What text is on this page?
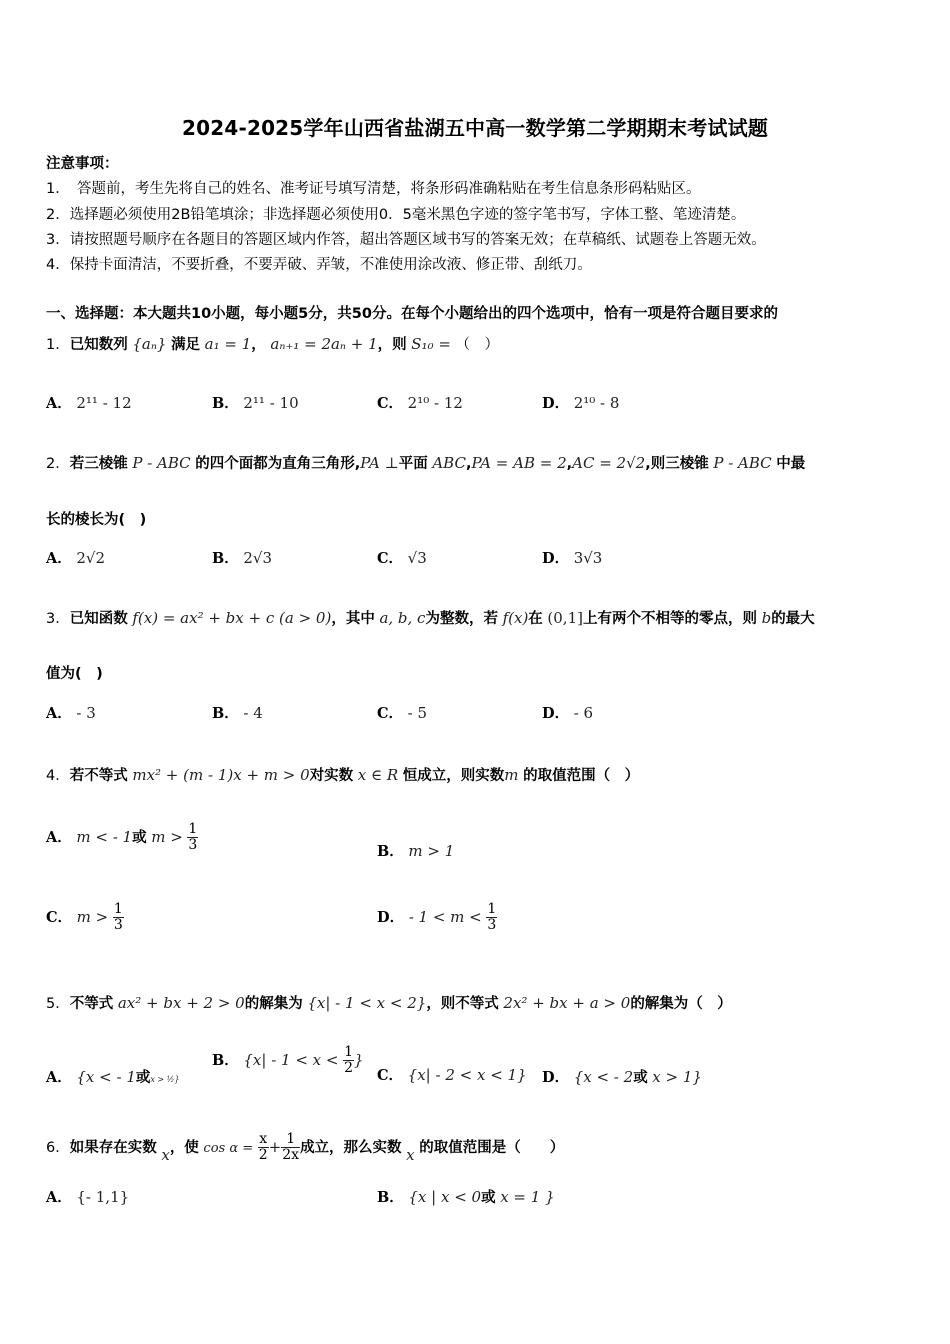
2024-2025学年山西省盐湖五中高一数学第二学期期末考试试题
注意事项：
1．　答题前，考生先将自己的姓名、准考证号填写清楚，将条形码准确粘贴在考生信息条形码粘贴区。
2．选择题必须使用2B铅笔填涂；非选择题必须使用0．5毫米黑色字迹的签字笔书写，字体工整、笔迹清楚。
3．请按照题号顺序在各题目的答题区域内作答，超出答题区域书写的答案无效；在草稿纸、试题卷上答题无效。
4．保持卡面清洁，不要折叠，不要弄破、弄皱，不准使用涂改液、修正带、刮纸刀。
一、选择题：本大题共10小题，每小题5分，共50分。在每个小题给出的四个选项中，恰有一项是符合题目要求的
1．已知数列 {aₙ} 满足 a₁ = 1， aₙ₊₁ = 2aₙ + 1，则 S₁₀ = （　）
A． 2¹¹ - 12	B． 2¹¹ - 10	C． 2¹⁰ - 12	D． 2¹⁰ - 8
2．若三棱锥 P - ABC 的四个面都为直角三角形,PA ⊥平面 ABC,PA = AB = 2,AC = 2√2,则三棱锥 P - ABC 中最
长的棱长为(　)
A． 2√2	B． 2√3	C． √3	D． 3√3
3．已知函数 f(x) = ax² + bx + c (a > 0)，其中 a, b, c为整数，若 f(x)在 (0,1]上有两个不相等的零点，则 b的最大
值为(　)
A． - 3	B． - 4	C． - 5	D． - 6
4．若不等式 mx² + (m - 1)x + m > 0对实数 x ∈ R 恒成立，则实数m 的取值范围（　）
A． m < - 1或 $m > \frac{1}{3}$	B． m > 1
C． $m > \frac{1}{3}$	D． - $1 < m < \frac{1}{3}$
5．不等式 ax² + bx + 2 > 0的解集为 {x| - 1 < x < 2}，则不等式 2x² + bx + a > 0的解集为（　）
A． {x < - 1或x > ½}
B． {$x| - 1 < x < \frac{1}{2}$ }
C． {x| - 2 < x < 1} D． {x < - 2或 x > 1}
6．如果存在实数 x，使 $\cos \alpha = \frac{x}{2} + \frac{1}{2x}$ 成立，那么实数 x 的取值范围是（　　）
A． {- 1,1}	B． {x | x < 0或 x = 1 }
